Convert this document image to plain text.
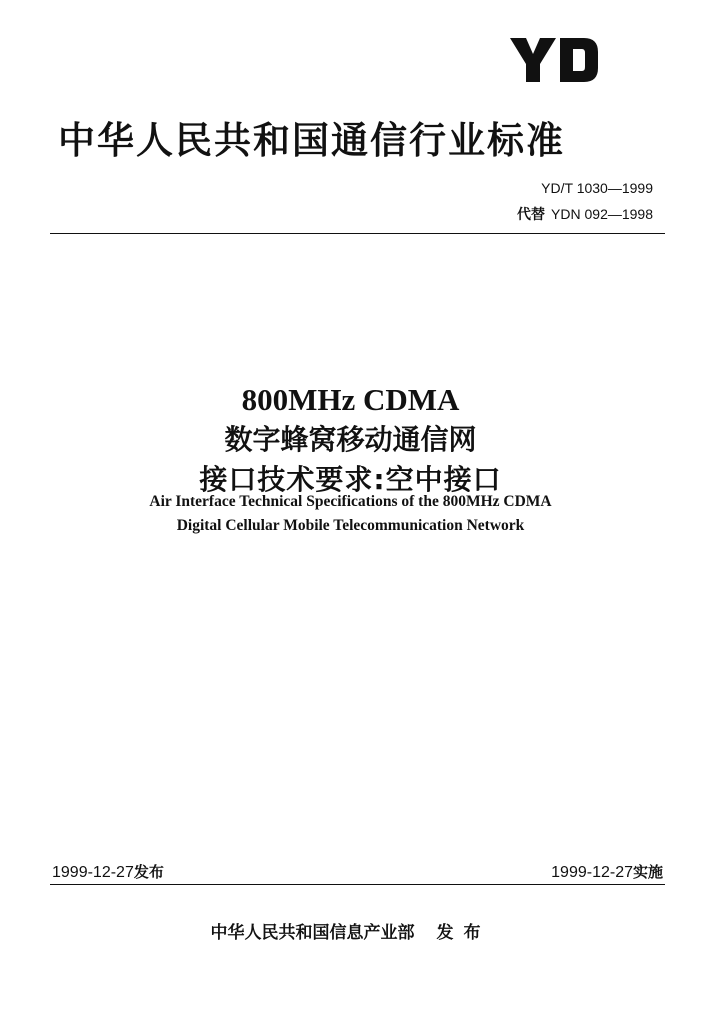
中华人民共和国通信行业标准
YD/T 1030—1999
代替 YDN 092—1998
800MHz CDMA
数字蜂窝移动通信网
接口技术要求:空中接口
Air Interface Technical Specifications of the 800MHz CDMA
Digital Cellular Mobile Telecommunication Network
1999-12-27发布	1999-12-27实施
中华人民共和国信息产业部 发布
